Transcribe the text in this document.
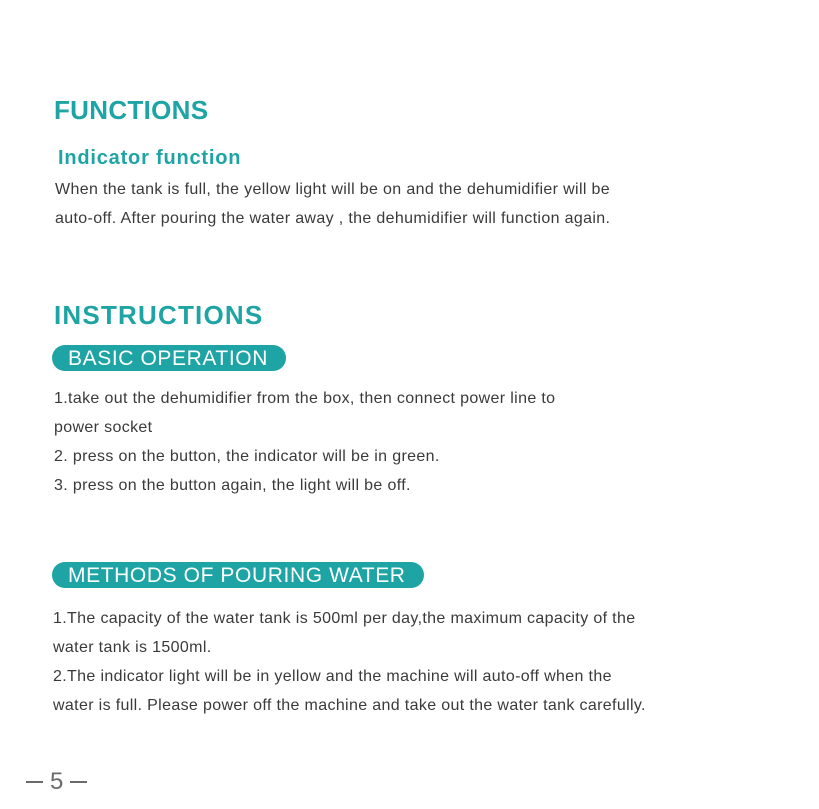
FUNCTIONS
Indicator function

When the tank is full, the yellow light will be on and the dehumidifier will be
auto-off. After pouring the water away , the dehumidifier will function again.

INSTRUCTIONS
BASIC OPERATION

1.take out the dehumidifier from the box, then connect power line to
power socket
2. press on the button, the indicator will be in green.
3. press on the button again, the light will be off.

METHODS OF POURING WATER

1.The capacity of the water tank is 500ml per day,the maximum capacity of the
water tank is 1500ml.
2.The indicator light will be in yellow and the machine will auto-off when the
water is full. Please power off the machine and take out the water tank carefully.

5
